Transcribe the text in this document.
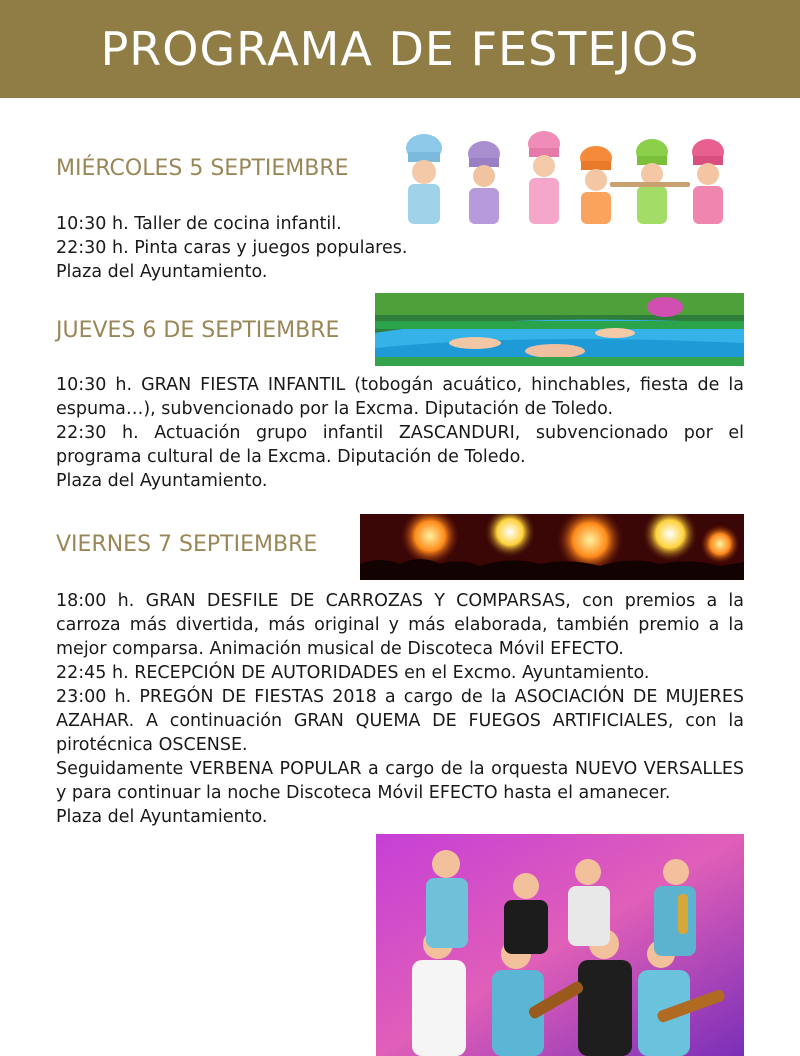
PROGRAMA DE FESTEJOS
MIÉRCOLES 5 SEPTIEMBRE

10:30 h. Taller de cocina infantil.

22:30 h. Pinta caras y juegos populares.

Plaza del Ayuntamiento.

JUEVES 6 DE SEPTIEMBRE

10:30 h. GRAN FIESTA INFANTIL (tobogán acuático, hinchables, fiesta de la espuma…), subvencionado por la Excma. Diputación de Toledo.

22:30 h. Actuación grupo infantil ZASCANDURI, subvencionado por el programa cultural de la Excma. Diputación de Toledo.

Plaza del Ayuntamiento.

VIERNES 7 SEPTIEMBRE

18:00 h. GRAN DESFILE DE CARROZAS Y COMPARSAS, con premios a la carroza más divertida, más original y más elaborada, también premio a la mejor comparsa. Animación musical de Discoteca Móvil EFECTO.

22:45 h. RECEPCIÓN DE AUTORIDADES en el Excmo. Ayuntamiento.

23:00 h. PREGÓN DE FIESTAS 2018 a cargo de la ASOCIACIÓN DE MUJERES AZAHAR. A continuación GRAN QUEMA DE FUEGOS ARTIFICIALES, con la pirotécnica OSCENSE.

Seguidamente VERBENA POPULAR a cargo de la orquesta NUEVO VERSALLES y para continuar la noche Discoteca Móvil EFECTO hasta el amanecer.

Plaza del Ayuntamiento.
